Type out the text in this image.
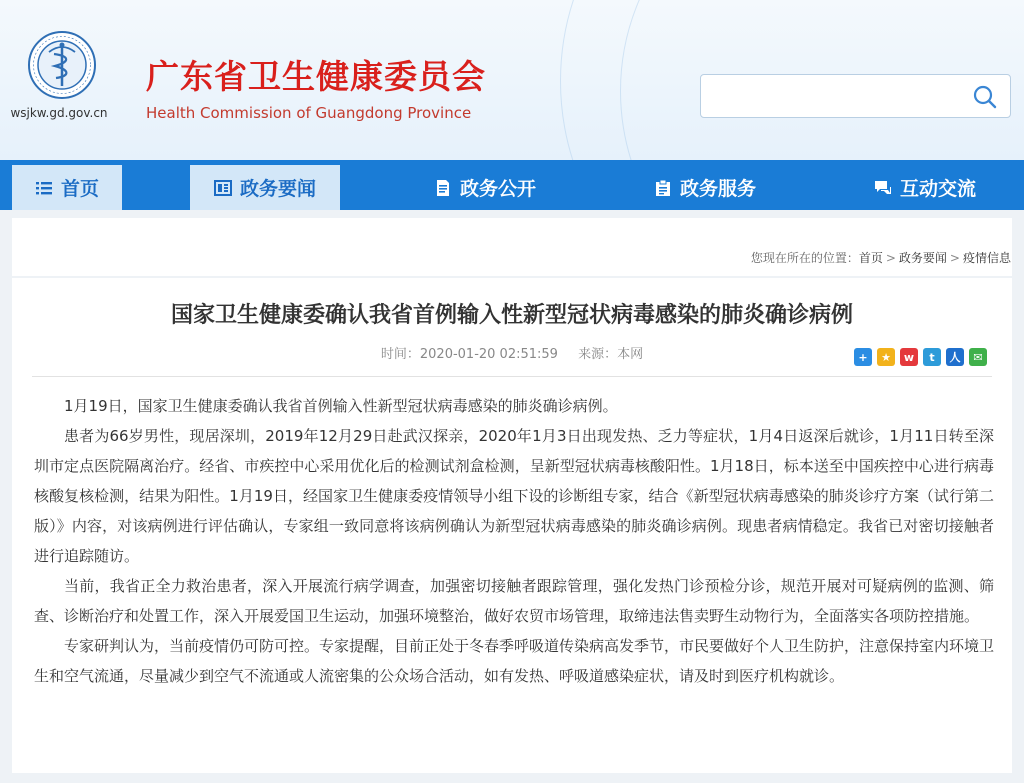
wsjkw.gd.gov.cn
广东省卫生健康委员会
Health Commission of Guangdong Province
首页	政务要闻	政务公开	政务服务	互动交流
您现在所在的位置：首页 > 政务要闻 > 疫情信息
国家卫生健康委确认我省首例输入性新型冠状病毒感染的肺炎确诊病例
时间：2020-01-20 02:51:59 来源：本网	+	★	w	t	人	✉

1月19日，国家卫生健康委确认我省首例输入性新型冠状病毒感染的肺炎确诊病例。

患者为66岁男性，现居深圳，2019年12月29日赴武汉探亲，2020年1月3日出现发热、乏力等症状，1月4日返深后就诊，1月11日转至深圳市定点医院隔离治疗。经省、市疾控中心采用优化后的检测试剂盒检测，呈新型冠状病毒核酸阳性。1月18日，标本送至中国疾控中心进行病毒核酸复核检测，结果为阳性。1月19日，经国家卫生健康委疫情领导小组下设的诊断组专家，结合《新型冠状病毒感染的肺炎诊疗方案（试行第二版）》内容，对该病例进行评估确认，专家组一致同意将该病例确认为新型冠状病毒感染的肺炎确诊病例。现患者病情稳定。我省已对密切接触者进行追踪随访。

当前，我省正全力救治患者，深入开展流行病学调查，加强密切接触者跟踪管理，强化发热门诊预检分诊，规范开展对可疑病例的监测、筛查、诊断治疗和处置工作，深入开展爱国卫生运动，加强环境整治，做好农贸市场管理，取缔违法售卖野生动物行为，全面落实各项防控措施。

专家研判认为，当前疫情仍可防可控。专家提醒，目前正处于冬春季呼吸道传染病高发季节，市民要做好个人卫生防护，注意保持室内环境卫生和空气流通，尽量减少到空气不流通或人流密集的公众场合活动，如有发热、呼吸道感染症状，请及时到医疗机构就诊。
